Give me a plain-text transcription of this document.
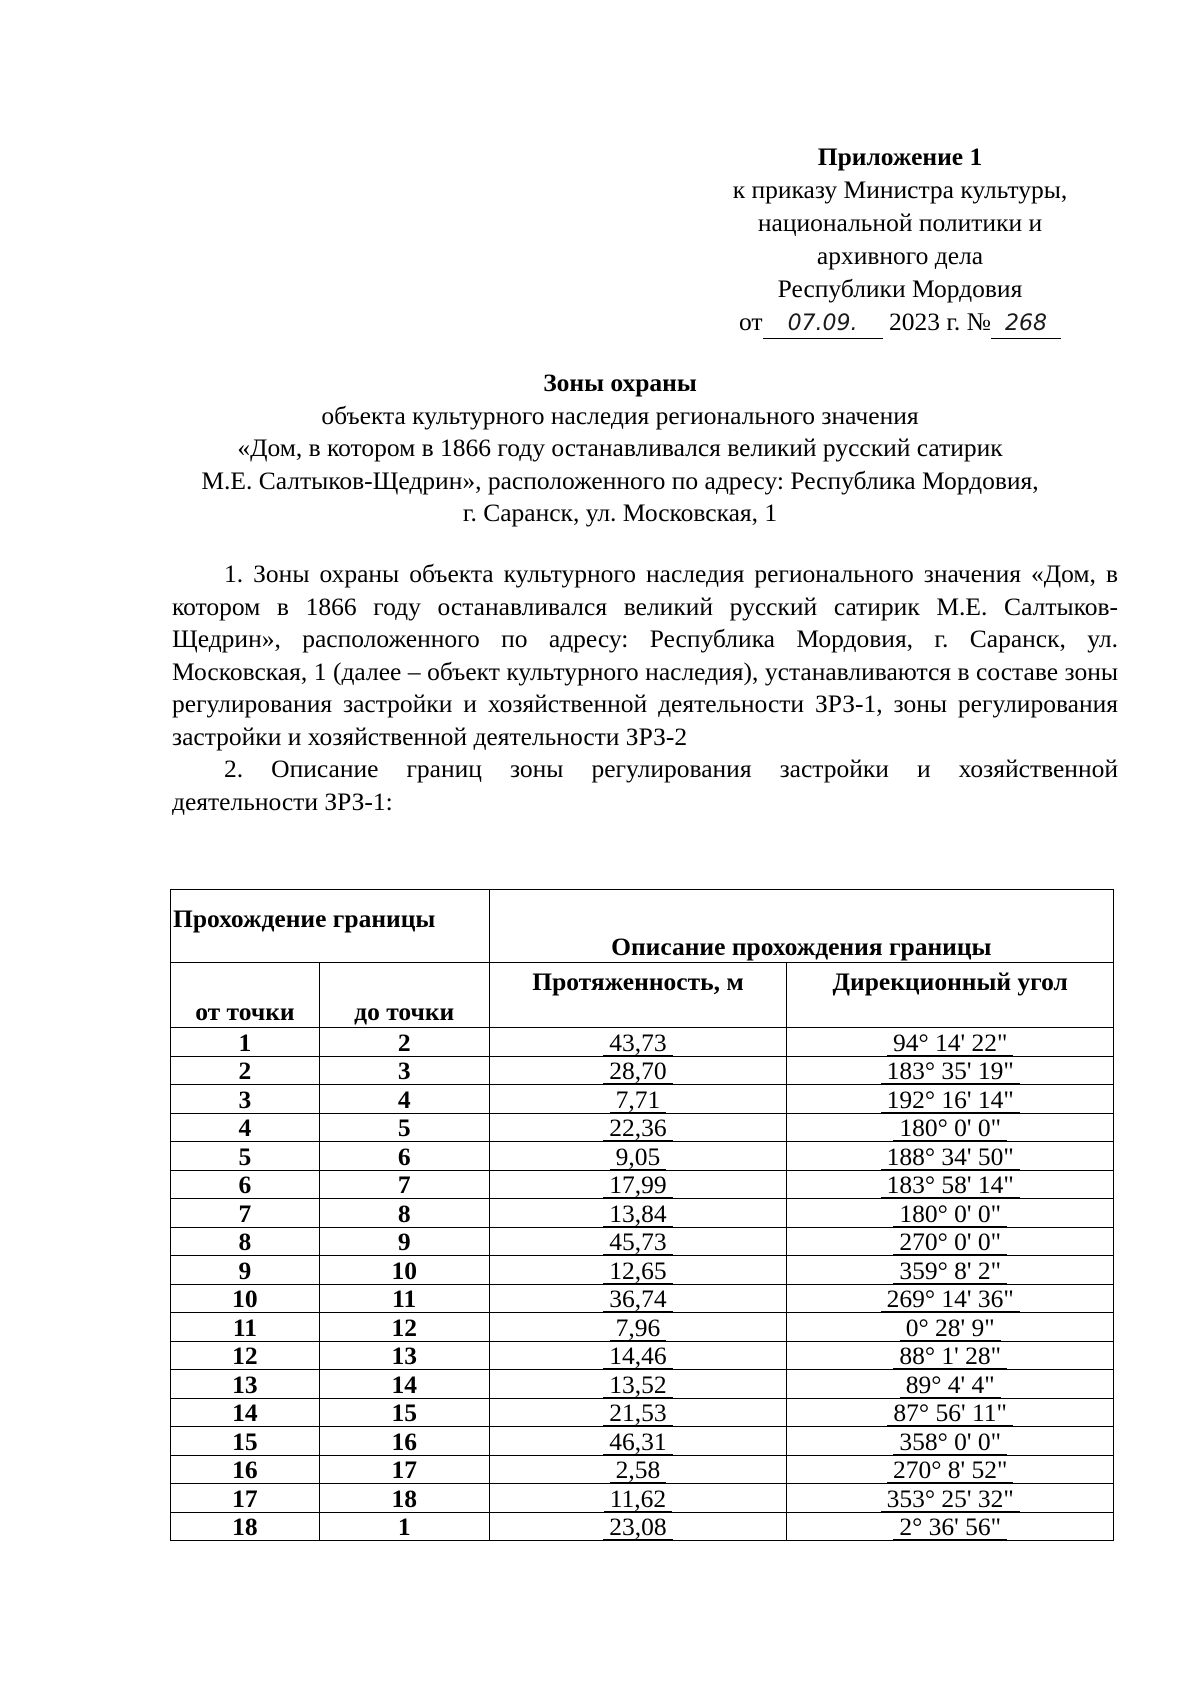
Приложение 1
к приказу Министра культуры,
национальной политики и
архивного дела
Республики Мордовия
от 07.09. 2023 г. № 268
Зоны охраны
объекта культурного наследия регионального значения
«Дом, в котором в 1866 году останавливался великий русский сатирик
М.Е. Салтыков-Щедрин», расположенного по адресу: Республика Мордовия,
г. Саранск, ул. Московская, 1

1. Зоны охраны объекта культурного наследия регионального значения «Дом, в котором в 1866 году останавливался великий русский сатирик М.Е. Салтыков-Щедрин», расположенного по адресу: Республика Мордовия, г. Саранск, ул. Московская, 1 (далее – объект культурного наследия), устанавливаются в составе зоны регулирования застройки и хозяйственной деятельности ЗРЗ-1, зоны регулирования застройки и хозяйственной деятельности ЗРЗ-2

2. Описание границ зоны регулирования застройки и хозяйственной деятельности ЗРЗ-1:

Прохождение границы		Описание прохождения границы	
от точки	до точки	Протяженность, м	Дирекционный угол
1	2	43,73	94° 14' 22"
2	3	28,70	183° 35' 19"
3	4	7,71	192° 16' 14"
4	5	22,36	180° 0' 0"
5	6	9,05	188° 34' 50"
6	7	17,99	183° 58' 14"
7	8	13,84	180° 0' 0"
8	9	45,73	270° 0' 0"
9	10	12,65	359° 8' 2"
10	11	36,74	269° 14' 36"
11	12	7,96	0° 28' 9"
12	13	14,46	88° 1' 28"
13	14	13,52	89° 4' 4"
14	15	21,53	87° 56' 11"
15	16	46,31	358° 0' 0"
16	17	2,58	270° 8' 52"
17	18	11,62	353° 25' 32"
18	1	23,08	2° 36' 56"
